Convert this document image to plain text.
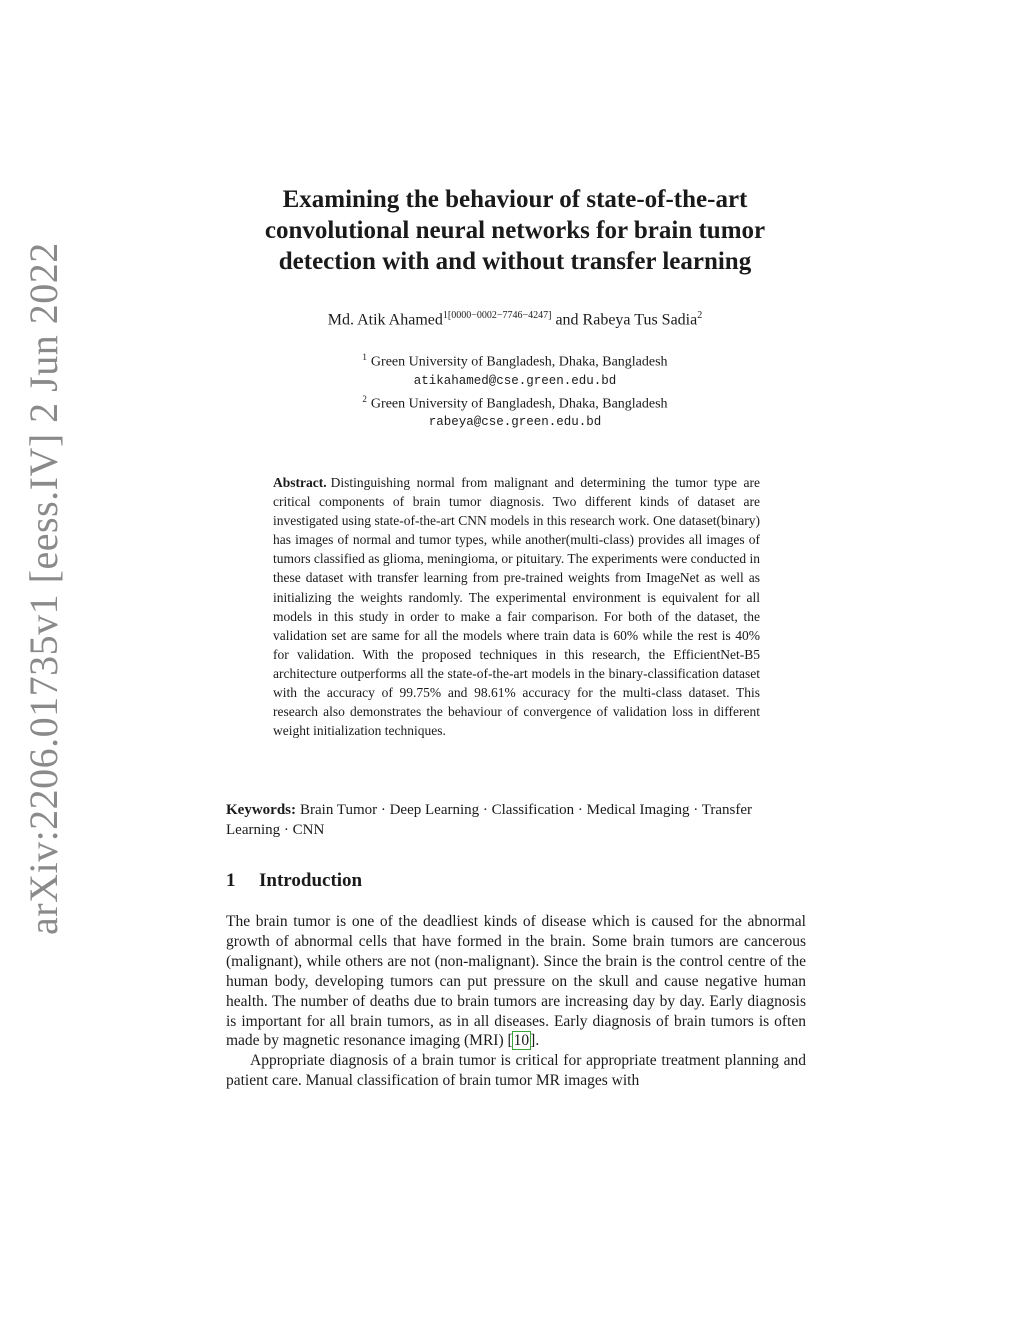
arXiv:2206.01735v1 [eess.IV] 2 Jun 2022
Examining the behaviour of state-of-the-art
convolutional neural networks for brain tumor
detection with and without transfer learning
Md. Atik Ahamed$^{1[0000-0002-7746-4247]}$ and Rabeya Tus Sadia$^2$
$^1$ Green University of Bangladesh, Dhaka, Bangladesh
atikahamed@cse.green.edu.bd
$^2$ Green University of Bangladesh, Dhaka, Bangladesh
rabeya@cse.green.edu.bd
Abstract. Distinguishing normal from malignant and determining the tumor type are critical components of brain tumor diagnosis. Two different kinds of dataset are investigated using state-of-the-art CNN models in this research work. One dataset(binary) has images of normal and tumor types, while another(multi-class) provides all images of tumors classified as glioma, meningioma, or pituitary. The experiments were conducted in these dataset with transfer learning from pre-trained weights from ImageNet as well as initializing the weights randomly. The experimental environment is equivalent for all models in this study in order to make a fair comparison. For both of the dataset, the validation set are same for all the models where train data is 60% while the rest is 40% for validation. With the proposed techniques in this research, the EfficientNet-B5 architecture outperforms all the state-of-the-art models in the binary-classification dataset with the accuracy of 99.75% and 98.61% accuracy for the multi-class dataset. This research also demonstrates the behaviour of convergence of validation loss in different weight initialization techniques.
Keywords: Brain Tumor · Deep Learning · Classification · Medical Imaging · Transfer Learning · CNN
1 Introduction

The brain tumor is one of the deadliest kinds of disease which is caused for the abnormal growth of abnormal cells that have formed in the brain. Some brain tumors are cancerous (malignant), while others are not (non-malignant). Since the brain is the control centre of the human body, developing tumors can put pressure on the skull and cause negative human health. The number of deaths due to brain tumors are increasing day by day. Early diagnosis is important for all brain tumors, as in all diseases. Early diagnosis of brain tumors is often made by magnetic resonance imaging (MRI) [10].

Appropriate diagnosis of a brain tumor is critical for appropriate treatment planning and patient care. Manual classification of brain tumor MR images with
